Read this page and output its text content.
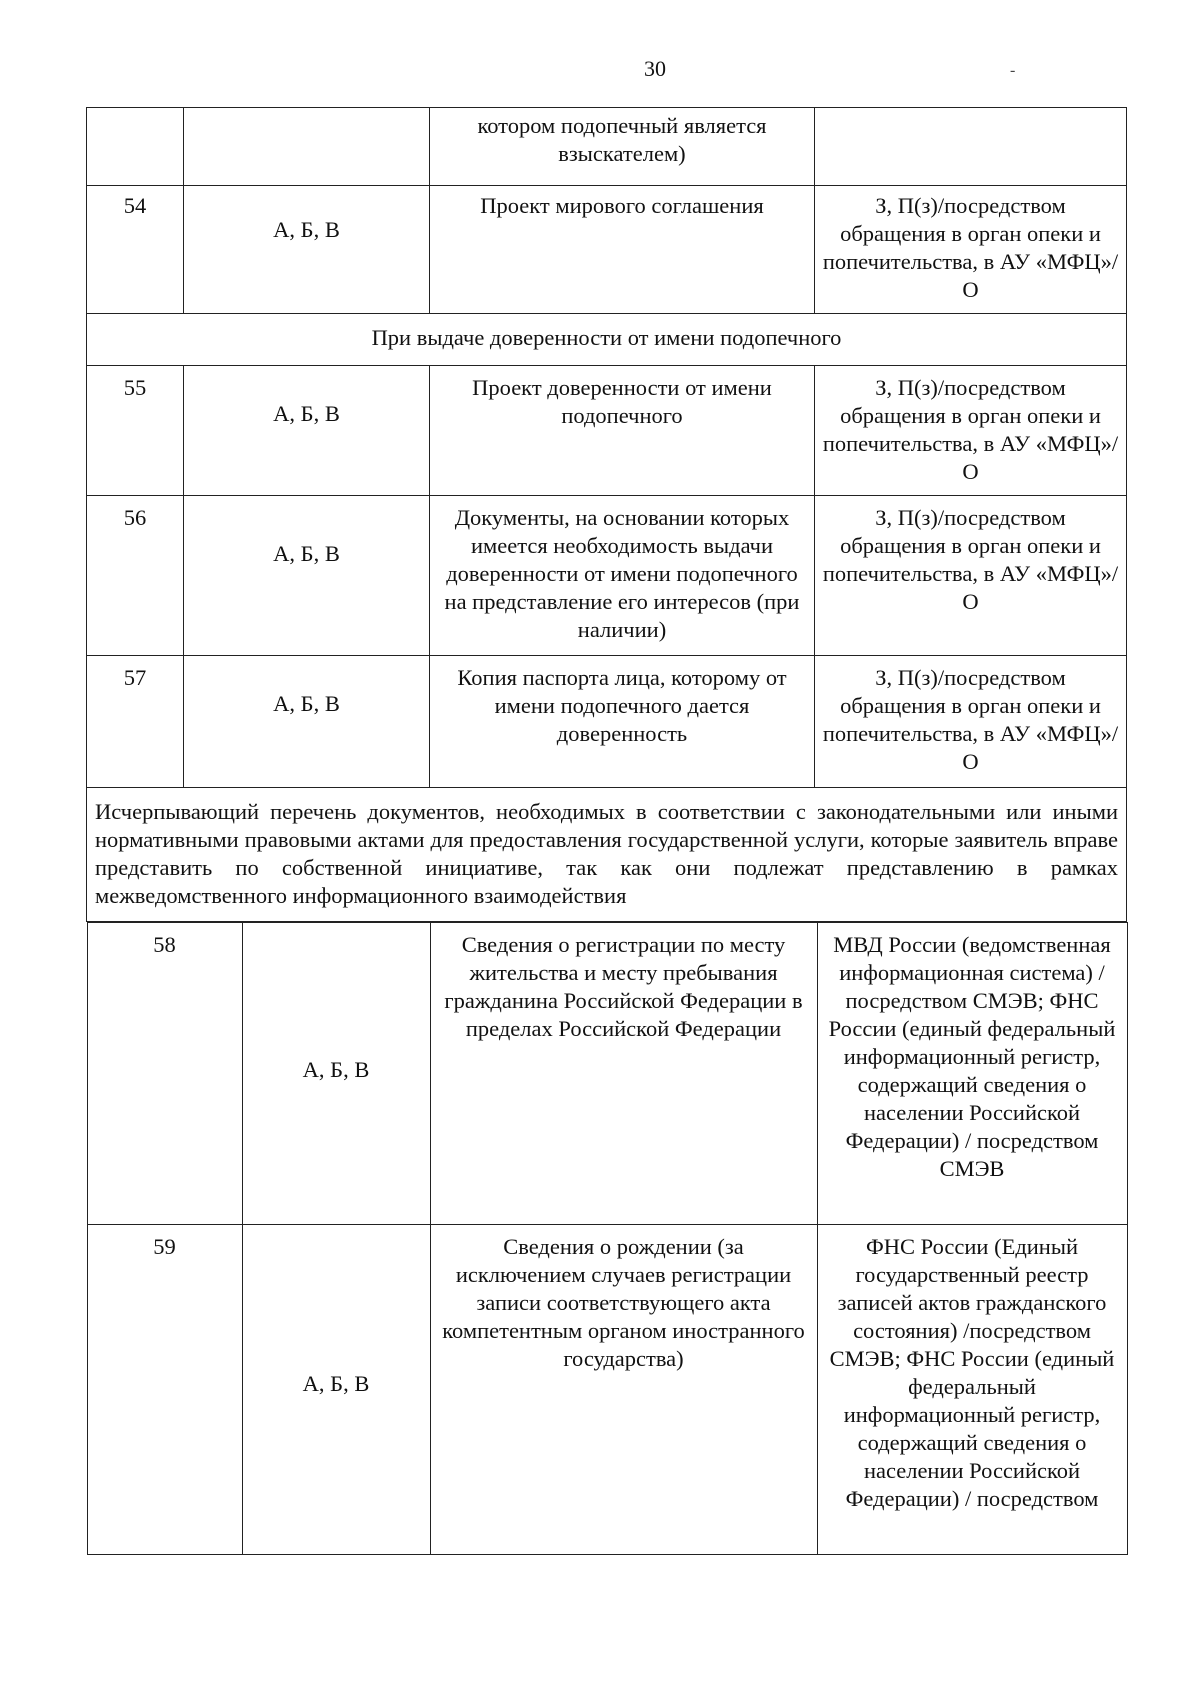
30	-
		котором подопечный является взыскателем)	
54	А, Б, В	Проект мирового соглашения	З, П(з)/посредством обращения в орган опеки и попечительства, в АУ «МФЦ»/О
При выдаче доверенности от имени подопечного
55	А, Б, В	Проект доверенности от имени подопечного	З, П(з)/посредством обращения в орган опеки и попечительства, в АУ «МФЦ»/О
56	А, Б, В	Документы, на основании которых имеется необходимость выдачи доверенности от имени подопечного на представление его интересов (при наличии)	З, П(з)/посредством обращения в орган опеки и попечительства, в АУ «МФЦ»/О
57	А, Б, В	Копия паспорта лица, которому от имени подопечного дается доверенность	З, П(з)/посредством обращения в орган опеки и попечительства, в АУ «МФЦ»/О
Исчерпывающий перечень документов, необходимых в соответствии с законодательными или иными нормативными правовыми актами для предоставления государственной услуги, которые заявитель вправе представить по собственной инициативе, так как они подлежат представлению в рамках межведомственного информационного взаимодействия

58	А, Б, В	Сведения о регистрации по месту жительства и месту пребывания гражданина Российской Федерации в пределах Российской Федерации	МВД России (ведомственная информационная система) / посредством СМЭВ; ФНС России (единый федеральный информационный регистр, содержащий сведения о населении Российской Федерации) / посредством СМЭВ
59	А, Б, В	Сведения о рождении (за исключением случаев регистрации записи соответствующего акта компетентным органом иностранного государства)	ФНС России (Единый государственный реестр записей актов гражданского состояния) /посредством СМЭВ; ФНС России (единый федеральный информационный регистр, содержащий сведения о населении Российской Федерации) / посредством
